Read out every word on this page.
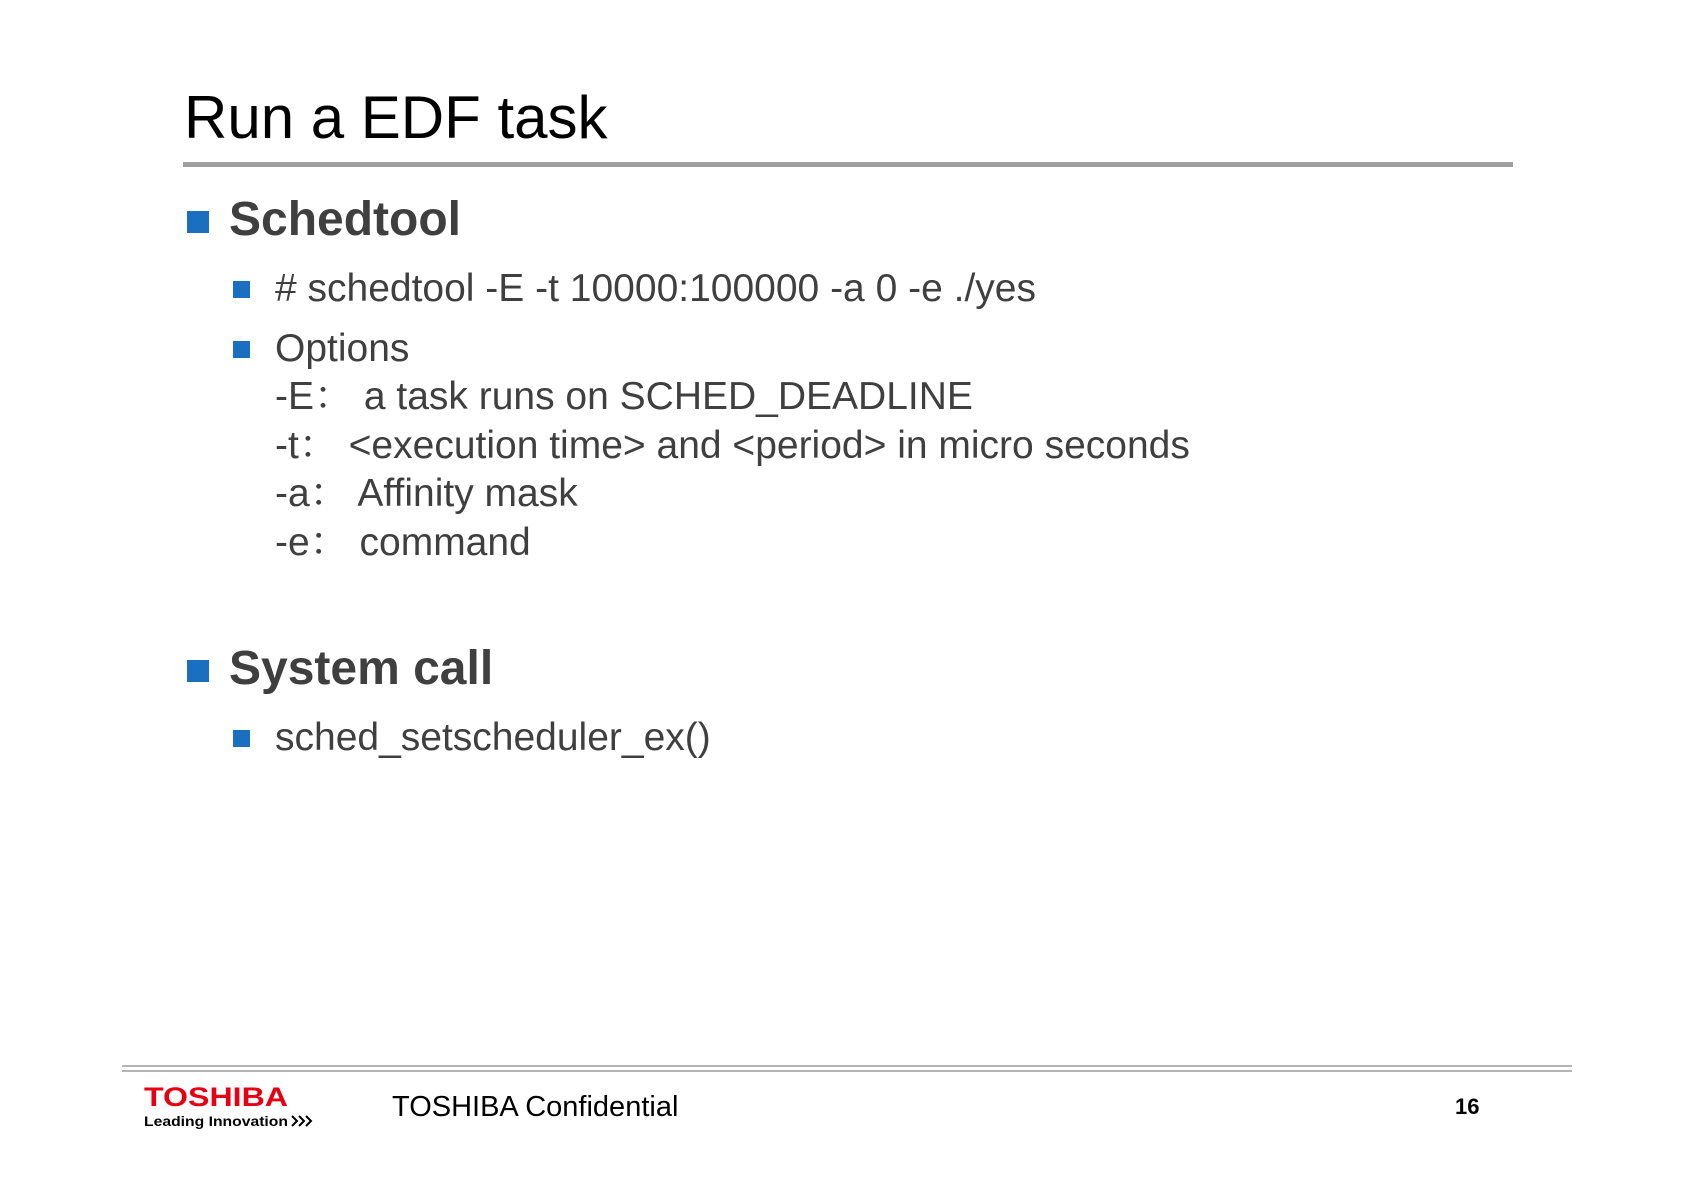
Run a EDF task
Schedtool
# schedtool -E -t 10000:100000 -a 0 -e ./yes
Options
-E： a task runs on SCHED_DEADLINE
-t： <execution time> and <period> in micro seconds
-a： Affinity mask
-e： command
System call
sched_setscheduler_ex()
TOSHIBA
Leading Innovation	TOSHIBA Confidential	16
